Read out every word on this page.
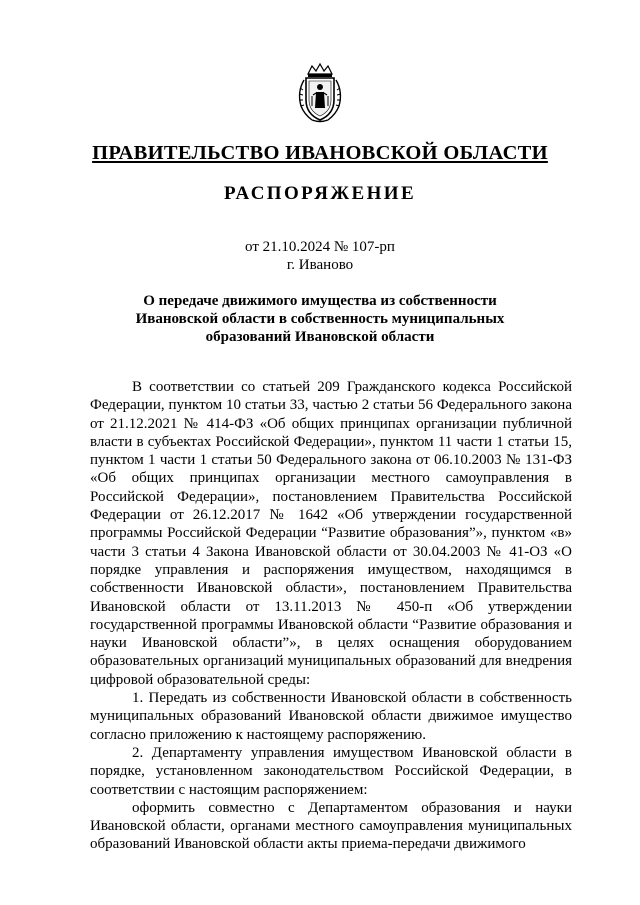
ПРАВИТЕЛЬСТВО ИВАНОВСКОЙ ОБЛАСТИ
РАСПОРЯЖЕНИЕ
от 21.10.2024 № 107-рп
г. Иваново
О передаче движимого имущества из собственности
Ивановской области в собственность муниципальных
образований Ивановской области

В соответствии со статьей 209 Гражданского кодекса Российской Федерации, пунктом 10 статьи 33, частью 2 статьи 56 Федерального закона от 21.12.2021 № 414-ФЗ «Об общих принципах организации публичной власти в субъектах Российской Федерации», пунктом 11 части 1 статьи 15, пунктом 1 части 1 статьи 50 Федерального закона от 06.10.2003 № 131-ФЗ «Об общих принципах организации местного самоуправления в Российской Федерации», постановлением Правительства Российской Федерации от 26.12.2017 № 1642 «Об утверждении государственной программы Российской Федерации “Развитие образования”», пунктом «в» части 3 статьи 4 Закона Ивановской области от 30.04.2003 № 41-ОЗ «О порядке управления и распоряжения имуществом, находящимся в собственности Ивановской области», постановлением Правительства Ивановской области от 13.11.2013 № 450-п «Об утверждении государственной программы Ивановской области “Развитие образования и науки Ивановской области”», в целях оснащения оборудованием образовательных организаций муниципальных образований для внедрения цифровой образовательной среды:

1. Передать из собственности Ивановской области в собственность муниципальных образований Ивановской области движимое имущество согласно приложению к настоящему распоряжению.

2. Департаменту управления имуществом Ивановской области в порядке, установленном законодательством Российской Федерации, в соответствии с настоящим распоряжением:

оформить совместно с Департаментом образования и науки Ивановской области, органами местного самоуправления муниципальных образований Ивановской области акты приема-передачи движимого
